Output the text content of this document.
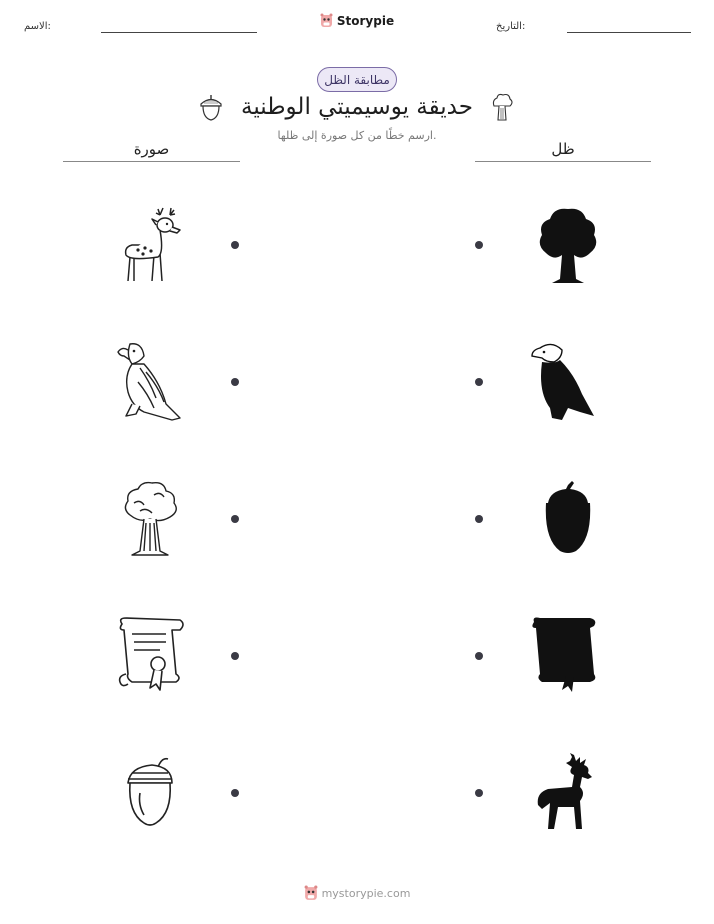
الاسم:	التاريخ:
Storypie
مطابقة الظل
حديقة يوسيميتي الوطنية
ارسم خطًا من كل صورة إلى ظلها.
صورة	ظل
mystorypie.com
